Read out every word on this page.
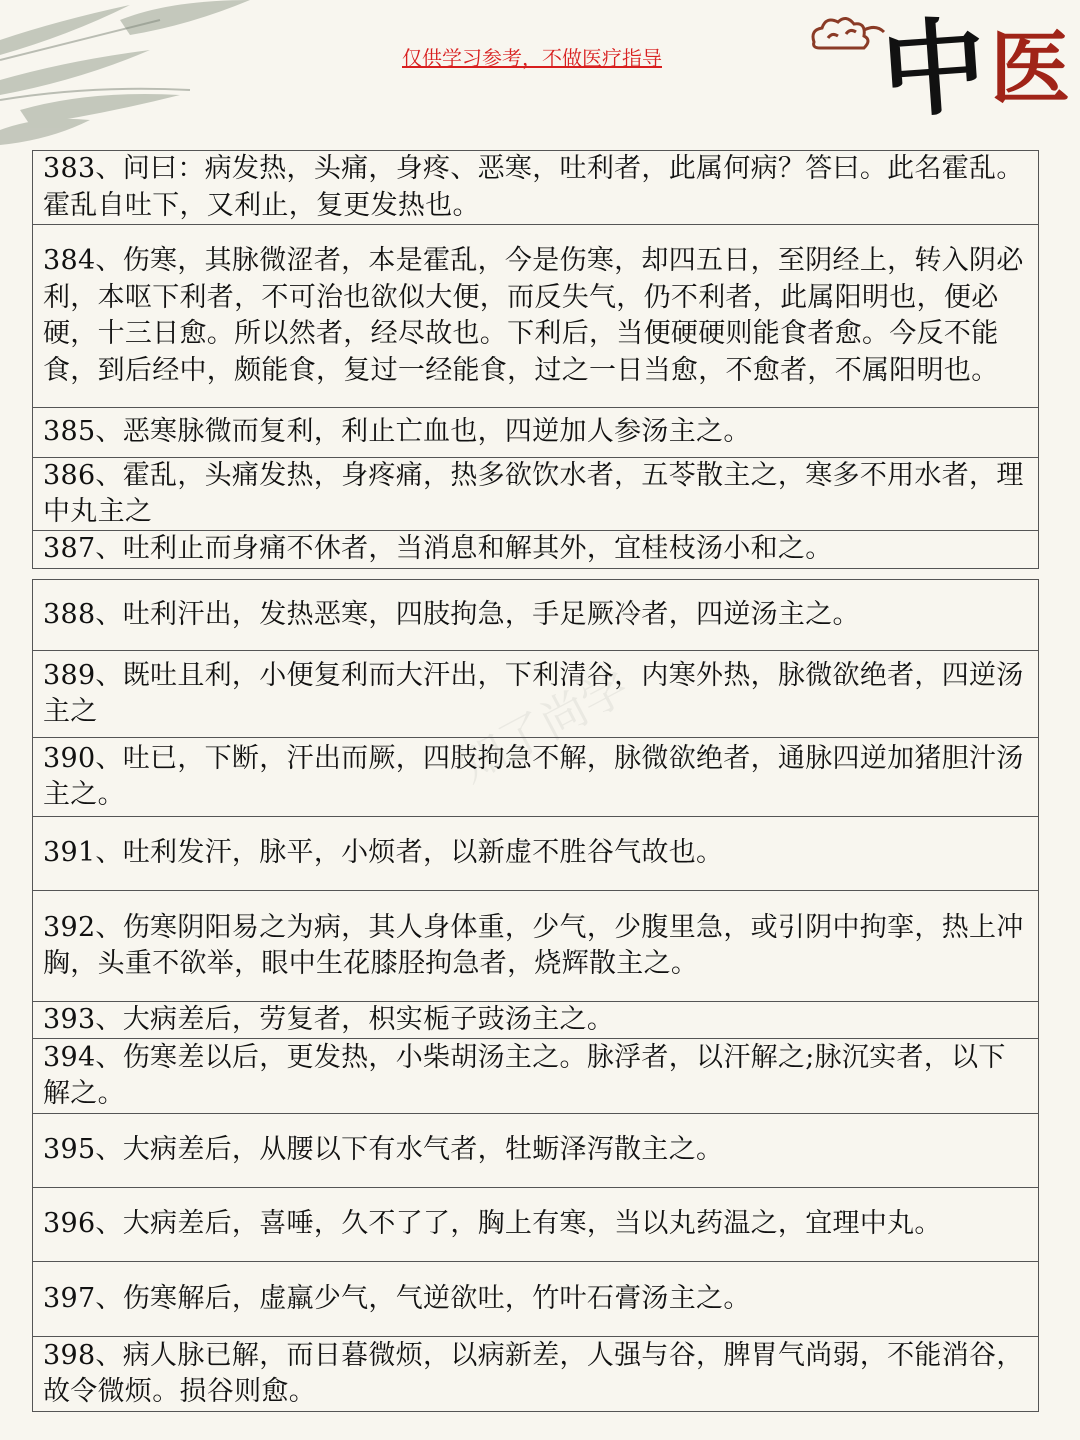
仅供学习参考，不做医疗指导 中 医
知了尚学
383、问曰：病发热，头痛，身疼、恶寒，吐利者，此属何病？答曰。此名霍乱。霍乱自吐下，又利止，复更发热也。
384、伤寒，其脉微涩者，本是霍乱，今是伤寒，却四五日，至阴经上，转入阴必利，本呕下利者，不可治也欲似大便，而反失气，仍不利者，此属阳明也，便必硬，十三日愈。所以然者，经尽故也。下利后，当便硬硬则能食者愈。今反不能食，到后经中，颇能食，复过一经能食，过之一日当愈，不愈者，不属阳明也。
385、恶寒脉微而复利，利止亡血也，四逆加人参汤主之。
386、霍乱，头痛发热，身疼痛，热多欲饮水者，五苓散主之，寒多不用水者，理中丸主之
387、吐利止而身痛不休者，当消息和解其外，宜桂枝汤小和之。
388、吐利汗出，发热恶寒，四肢拘急，手足厥冷者，四逆汤主之。
389、既吐且利，小便复利而大汗出，下利清谷，内寒外热，脉微欲绝者，四逆汤主之
390、吐已，下断，汗出而厥，四肢拘急不解，脉微欲绝者，通脉四逆加猪胆汁汤主之。
391、吐利发汗，脉平，小烦者，以新虚不胜谷气故也。
392、伤寒阴阳易之为病，其人身体重，少气，少腹里急，或引阴中拘挛，热上冲胸，头重不欲举，眼中生花膝胫拘急者，烧辉散主之。
393、大病差后，劳复者，枳实栀子豉汤主之。
394、伤寒差以后，更发热，小柴胡汤主之。脉浮者，以汗解之;脉沉实者，以下解之。
395、大病差后，从腰以下有水气者，牡蛎泽泻散主之。
396、大病差后，喜唾，久不了了，胸上有寒，当以丸药温之，宜理中丸。
397、伤寒解后，虚羸少气，气逆欲吐，竹叶石膏汤主之。
398、病人脉已解，而日暮微烦，以病新差，人强与谷，脾胃气尚弱，不能消谷，故令微烦。损谷则愈。
